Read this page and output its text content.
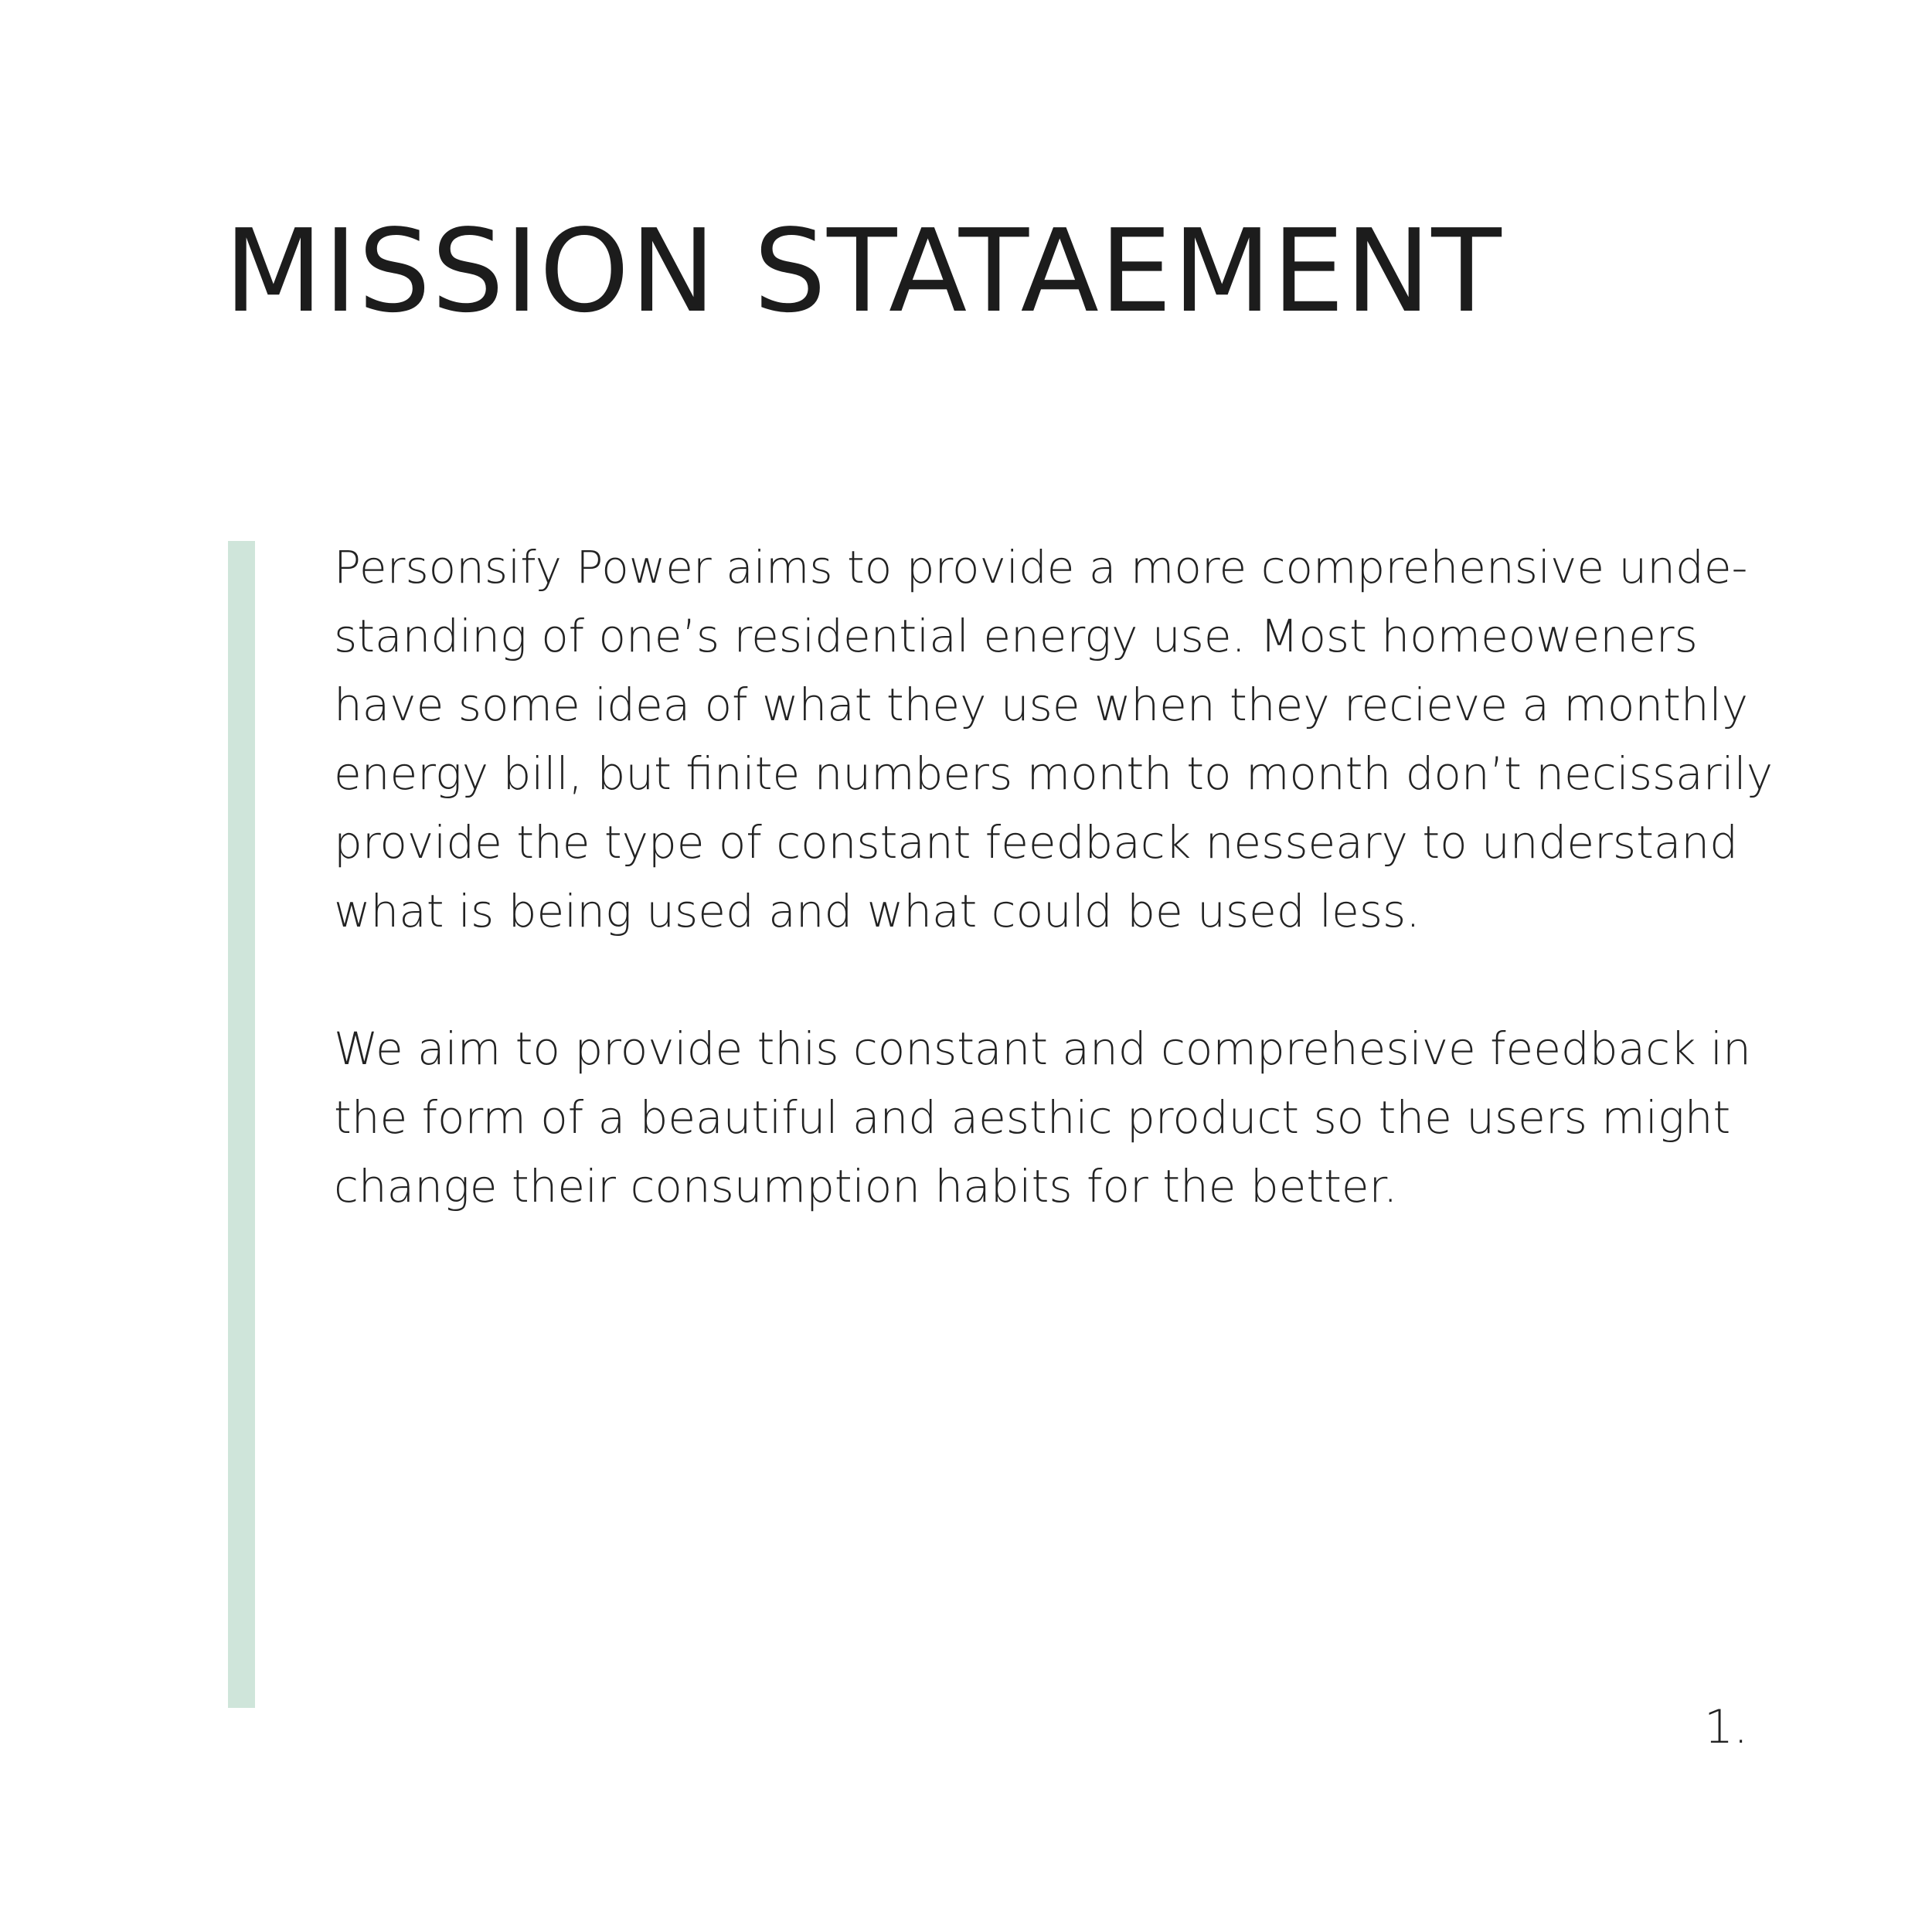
MISSION STATAEMENT

Personsify Power aims to provide a more comprehensive unde-

standing of one’s residential energy use. Most homeoweners

have some idea of what they use when they recieve a monthly

energy bill, but finite numbers month to month don’t necissarily

provide the type of constant feedback nesseary to understand

what is being used and what could be used less.

We aim to provide this constant and comprehesive feedback in

the form of a beautiful and aesthic product so the users might

change their consumption habits for the better.

1.
